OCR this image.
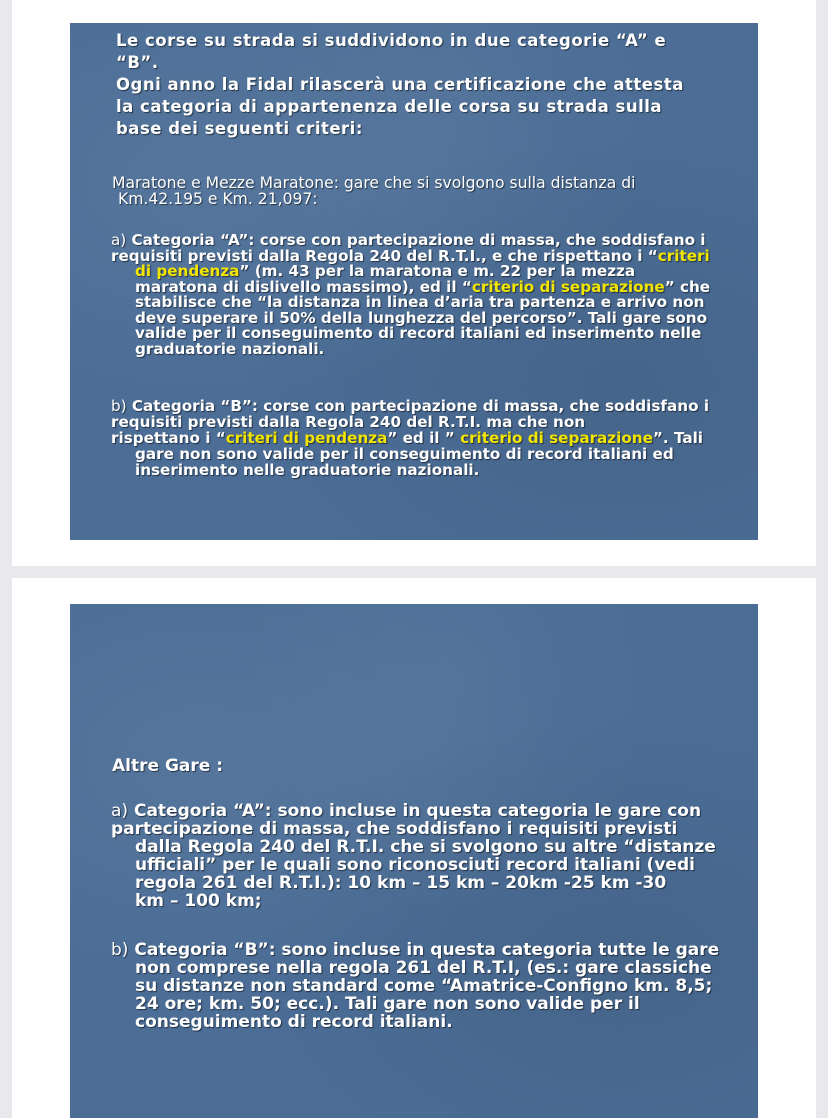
Le corse su strada si suddividono in due categorie “A” e
“B”.
Ogni anno la Fidal rilascerà una certificazione che attesta
la categoria di appartenenza delle corsa su strada sulla
base dei seguenti criteri:

Maratone e Mezze Maratone: gare che si svolgono sulla distanza di
Km.42.195 e Km. 21,097:

a) Categoria “A”: corse con partecipazione di massa, che soddisfano i
requisiti previsti dalla Regola 240 del R.T.I., e che rispettano i “criteri
di pendenza” (m. 43 per la maratona e m. 22 per la mezza
maratona di dislivello massimo), ed il “criterio di separazione” che
stabilisce che “la distanza in linea d’aria tra partenza e arrivo non
deve superare il 50% della lunghezza del percorso”. Tali gare sono
valide per il conseguimento di record italiani ed inserimento nelle
graduatorie nazionali.

b) Categoria “B”: corse con partecipazione di massa, che soddisfano i
requisiti previsti dalla Regola 240 del R.T.I. ma che non
rispettano i “criteri di pendenza” ed il ” criterio di separazione”. Tali
gare non sono valide per il conseguimento di record italiani ed
inserimento nelle graduatorie nazionali.

Altre Gare :

a) Categoria “A”: sono incluse in questa categoria le gare con
partecipazione di massa, che soddisfano i requisiti previsti
dalla Regola 240 del R.T.I. che si svolgono su altre “distanze
ufficiali” per le quali sono riconosciuti record italiani (vedi
regola 261 del R.T.I.): 10 km – 15 km – 20km -25 km -30
km – 100 km;

b) Categoria “B”: sono incluse in questa categoria tutte le gare
non comprese nella regola 261 del R.T.I, (es.: gare classiche
su distanze non standard come “Amatrice-Configno km. 8,5;
24 ore; km. 50; ecc.). Tali gare non sono valide per il
conseguimento di record italiani.
